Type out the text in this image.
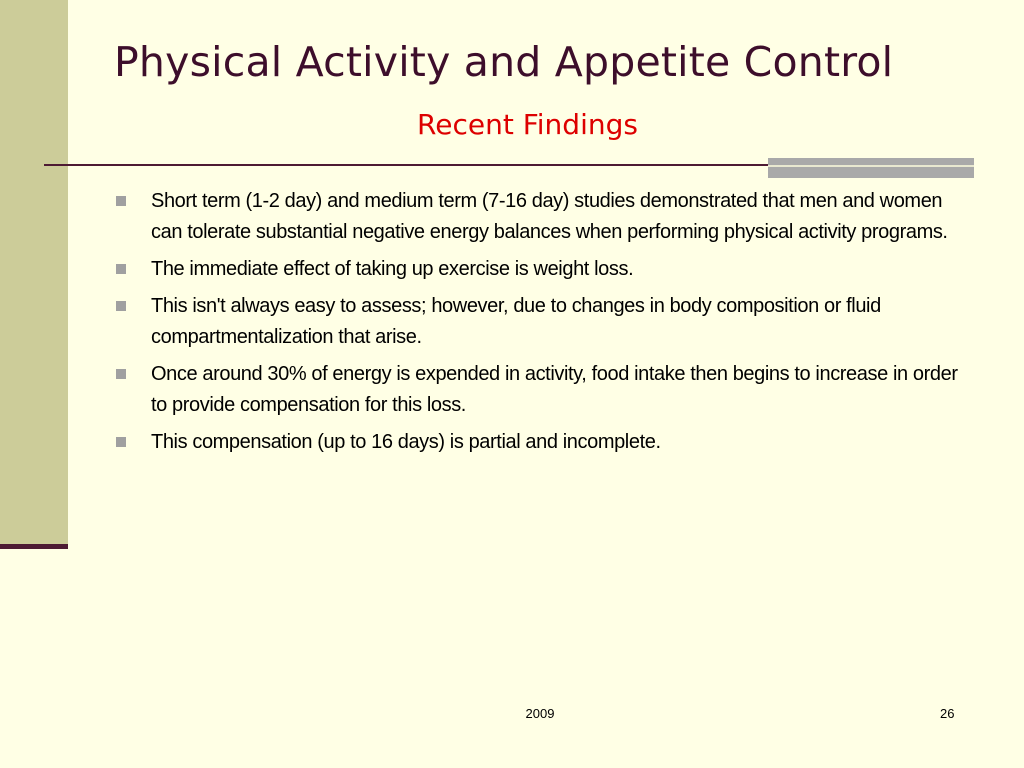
Physical Activity and Appetite Control
Recent Findings
Short term (1-2 day) and medium term (7-16 day) studies demonstrated that men and women can tolerate substantial negative energy balances when performing physical activity programs.
The immediate effect of taking up exercise is weight loss.
This isn't always easy to assess; however, due to changes in body composition or fluid compartmentalization that arise.
Once around 30% of energy is expended in activity, food intake then begins to increase in order to provide compensation for this loss.
This compensation (up to 16 days) is partial and incomplete.
2009	26
